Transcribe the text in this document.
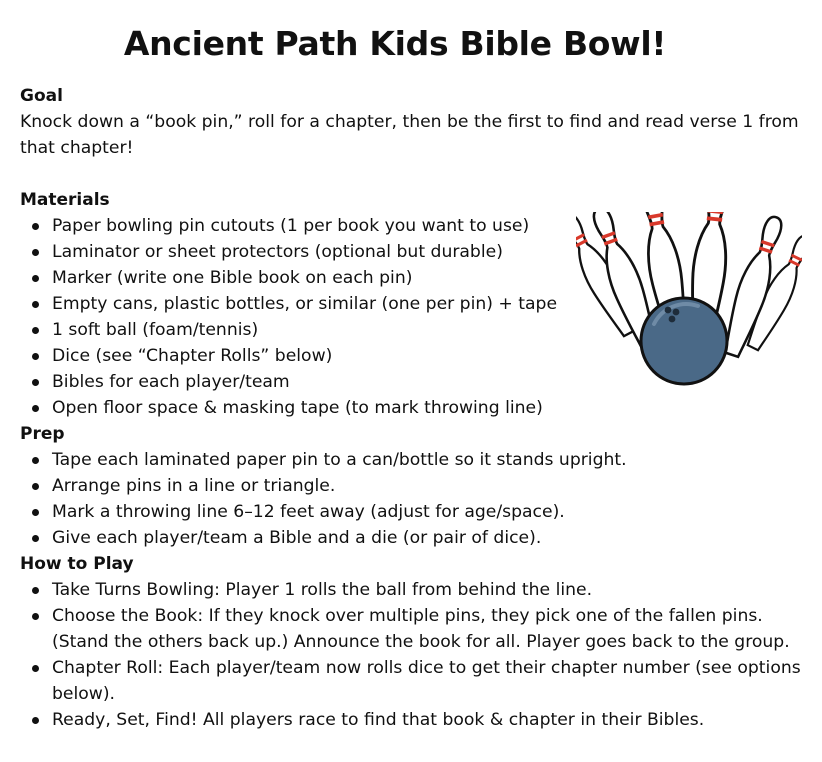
Ancient Path Kids Bible Bowl!

Goal

Knock down a “book pin,” roll for a chapter, then be the first to find and read verse 1 from that chapter!

Materials

Paper bowling pin cutouts (1 per book you want to use)
Laminator or sheet protectors (optional but durable)
Marker (write one Bible book on each pin)
Empty cans, plastic bottles, or similar (one per pin) + tape
1 soft ball (foam/tennis)
Dice (see “Chapter Rolls” below)
Bibles for each player/team
Open floor space & masking tape (to mark throwing line)

Prep

Tape each laminated paper pin to a can/bottle so it stands upright.
Arrange pins in a line or triangle.
Mark a throwing line 6–12 feet away (adjust for age/space).
Give each player/team a Bible and a die (or pair of dice).

How to Play

Take Turns Bowling: Player 1 rolls the ball from behind the line.
Choose the Book: If they knock over multiple pins, they pick one of the fallen pins. (Stand the others back up.) Announce the book for all. Player goes back to the group.
Chapter Roll: Each player/team now rolls dice to get their chapter number (see options below).
Ready, Set, Find! All players race to find that book & chapter in their Bibles.
